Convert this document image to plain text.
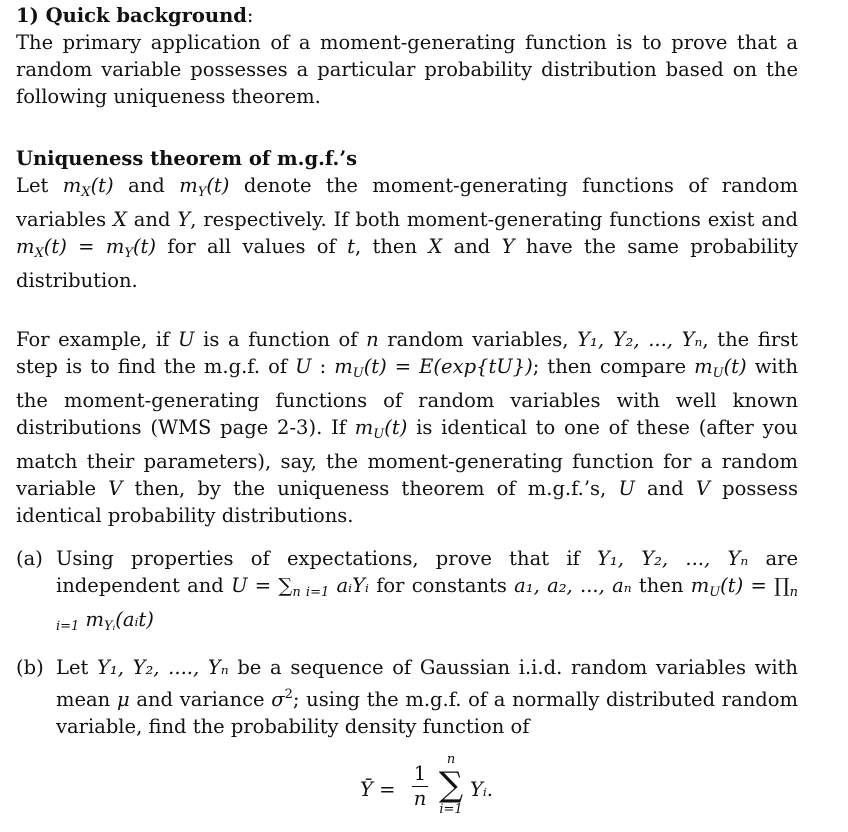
1) Quick background:

The primary application of a moment-generating function is to prove that a random variable possesses a particular probability distribution based on the following uniqueness theorem.

Uniqueness theorem of m.g.f.’s

Let $m_X(t)$ and $m_Y(t)$ denote the moment-generating functions of random variables X and Y, respectively. If both moment-generating functions exist and $m_X(t) = m_Y(t)$ for all values of t, then X and Y have the same probability distribution.

For example, if U is a function of n random variables, Y₁, Y₂, ..., Yₙ, the first step is to find the m.g.f. of U : $m_U(t) = E(\exp\{tU\})$; then compare $m_U(t)$ with the moment-generating functions of random variables with well known distributions (WMS page 2-3). If $m_U(t)$ is identical to one of these (after you match their parameters), say, the moment-generating function for a random variable V then, by the uniqueness theorem of m.g.f.’s, U and V possess identical probability distributions.

(a) Using properties of expectations, prove that if Y₁, Y₂, ..., Yₙ are independent and $U = \sum_{n i=1}$ aᵢYᵢ for constants a₁, a₂, ..., aₙ then $m_U(t)$ = $\prod_{n i=1}$ $m_{Yᵢ}(aᵢt)$

(b) Let Y₁, Y₂, ...., Yₙ be a sequence of Gaussian i.i.d. random variables with mean μ and variance $\sigma^2$; using the m.g.f. of a normally distributed random variable, find the probability density function of

Ȳ =
1
n
n
∑
i=1
Yᵢ.
